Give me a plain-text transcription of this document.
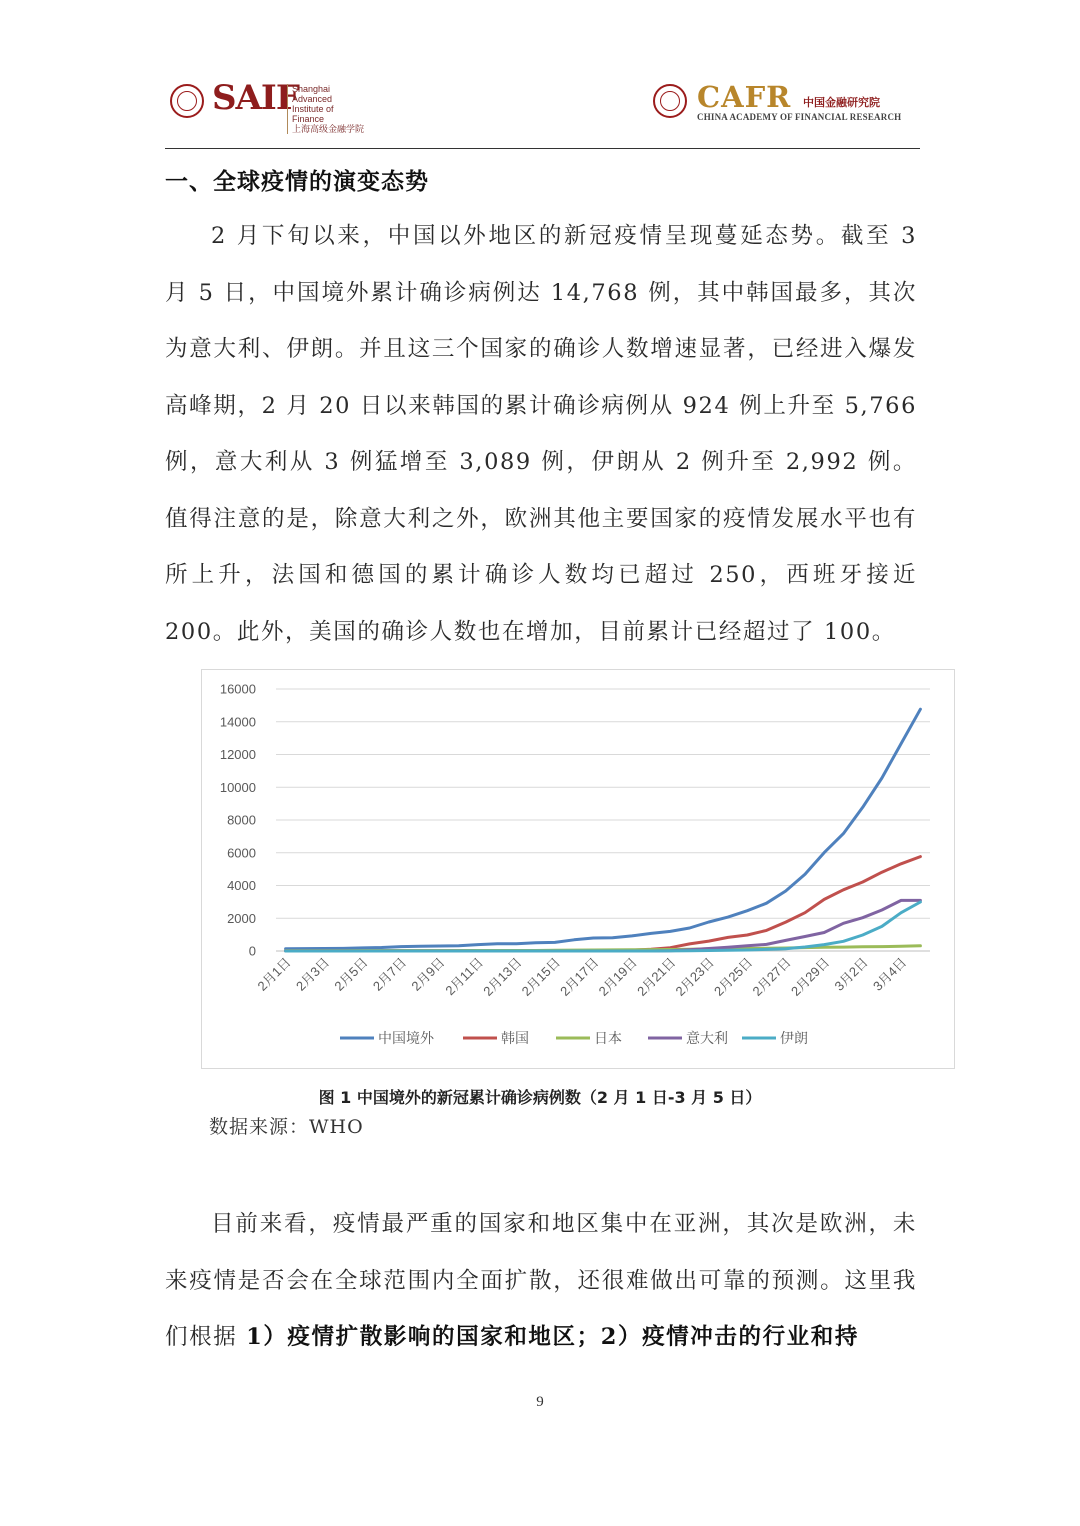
SAIF
Shanghai Advanced Institute of Finance
上海高级金融学院
CAFR 中国金融研究院
CHINA ACADEMY OF FINANCIAL RESEARCH
一、全球疫情的演变态势
2 月下旬以来，中国以外地区的新冠疫情呈现蔓延态势。截至 3 月 5 日，中国境外累计确诊病例达 14,768 例，其中韩国最多，其次为意大利、伊朗。并且这三个国家的确诊人数增速显著，已经进入爆发高峰期，2 月 20 日以来韩国的累计确诊病例从 924 例上升至 5,766 例，意大利从 3 例猛增至 3,089 例，伊朗从 2 例升至 2,992 例。值得注意的是，除意大利之外，欧洲其他主要国家的疫情发展水平也有所上升，法国和德国的累计确诊人数均已超过 250，西班牙接近 200。此外，美国的确诊人数也在增加，目前累计已经超过了 100。
0
2000
4000
6000
8000
10000
12000
14000
16000
2月1日 2月3日 2月5日 2月7日 2月9日
2月11日
2月13日
2月15日
2月17日
2月19日
2月21日
2月23日
2月25日
2月27日
2月29日 3月2日 3月4日
中国境外	韩国	日本	意大利	伊朗
图 1 中国境外的新冠累计确诊病例数（2 月 1 日-3 月 5 日）
数据来源：WHO
目前来看，疫情最严重的国家和地区集中在亚洲，其次是欧洲，未来疫情是否会在全球范围内全面扩散，还很难做出可靠的预测。这里我们根据 1）疫情扩散影响的国家和地区；2）疫情冲击的行业和持
9
